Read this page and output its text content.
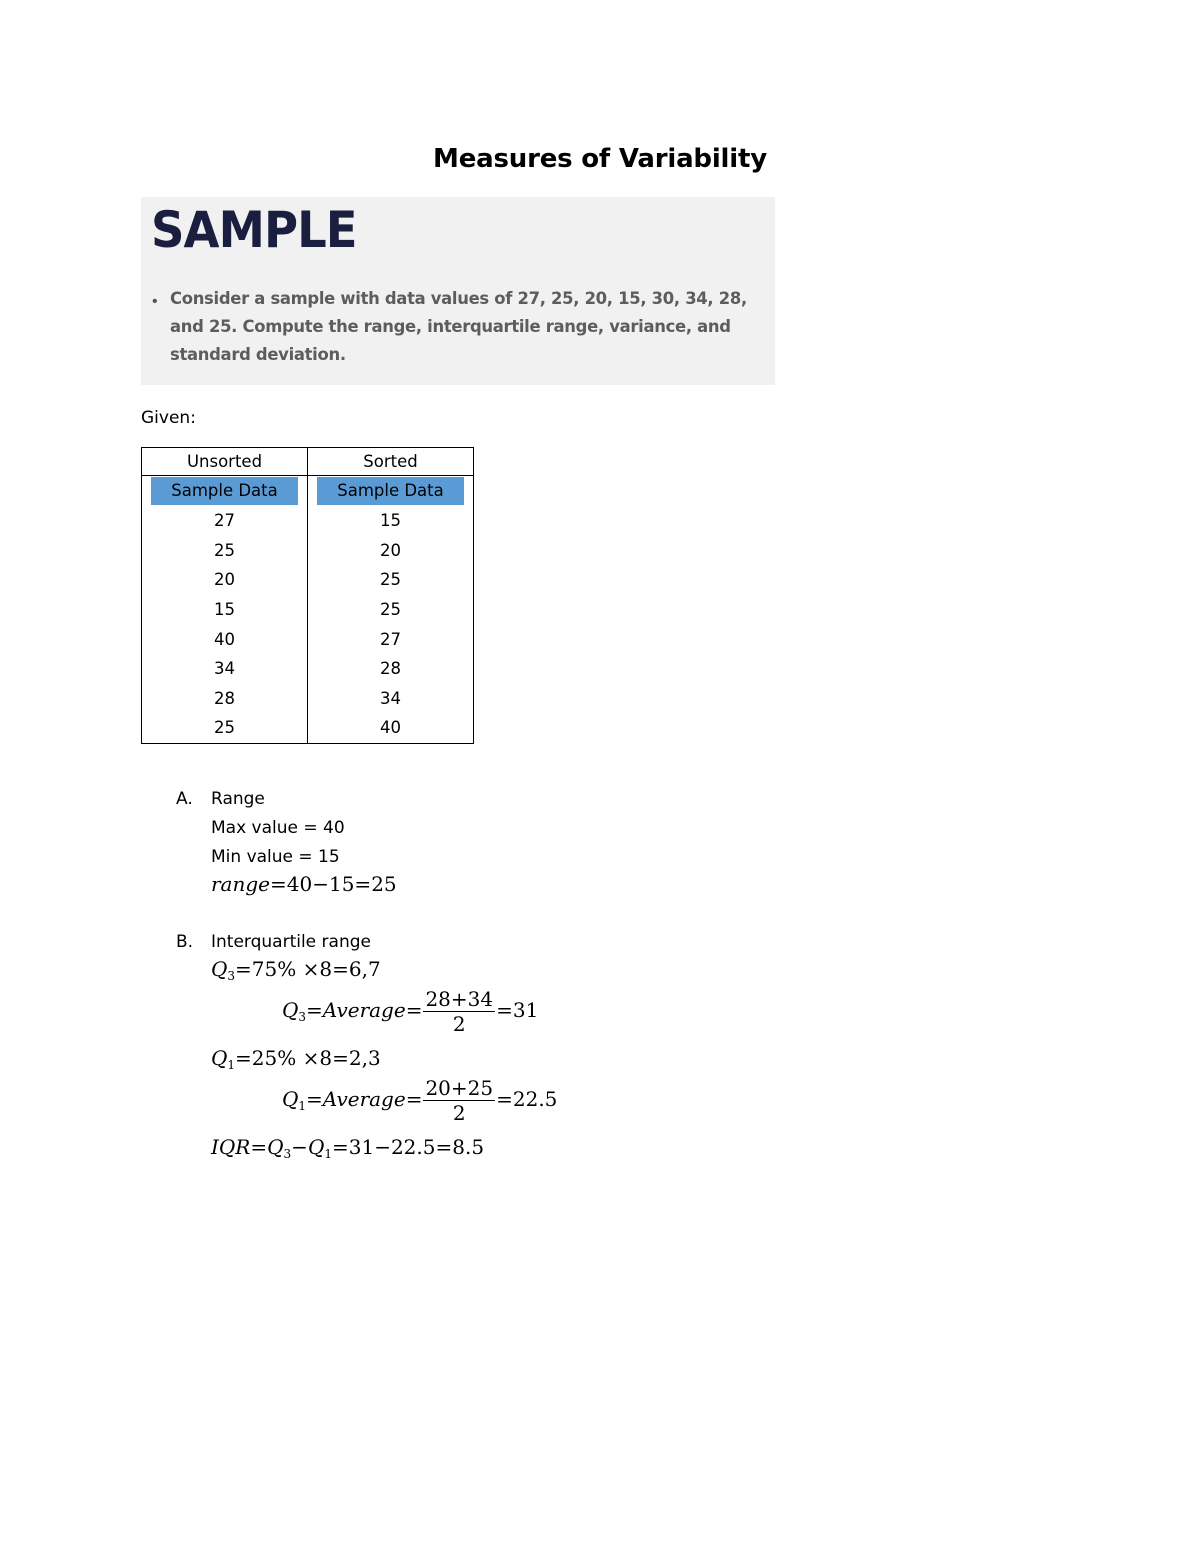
Measures of Variability
SAMPLE
• Consider a sample with data values of 27, 25, 20, 15, 30, 34, 28, and 25. Compute the range, interquartile range, variance, and standard deviation.
Given:
Unsorted	Sorted

Sample Data	Sample Data

27	15
25	20
20	25
15	25
40	27
34	28
28	34
25	40
A. Range
Max value = 40
Min value = 15
range=40−15=25
B. Interquartile range
$Q_3=75\% \times 8=6,7$
$Q_3=Average= \frac{28+34}{2} =31$
$Q_1=25\% \times 8=2,3$
$Q_1=Average= \frac{20+25}{2} =22.5$
$IQR=Q_3-Q_1=31-22.5=8.5$
